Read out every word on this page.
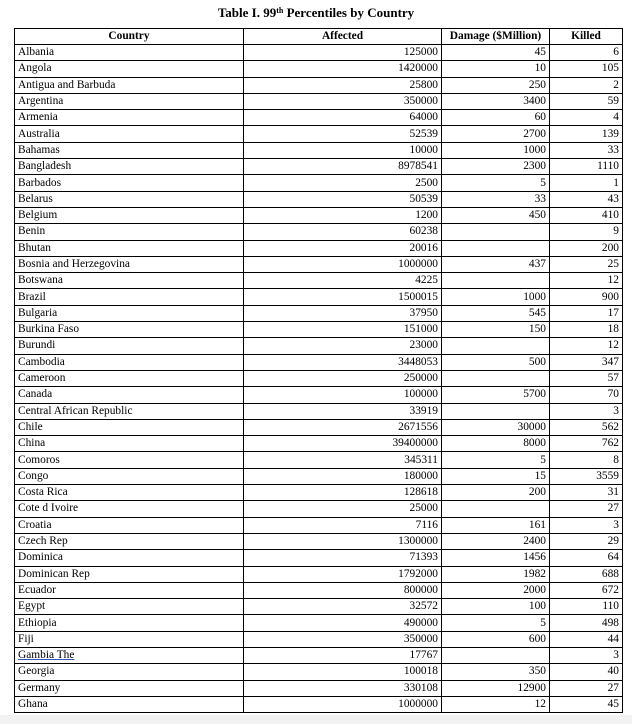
Table I. 99th Percentiles by Country
Country	Affected	Damage ($Million)	Killed
Albania	125000	45	6
Angola	1420000	10	105
Antigua and Barbuda	25800	250	2
Argentina	350000	3400	59
Armenia	64000	60	4
Australia	52539	2700	139
Bahamas	10000	1000	33
Bangladesh	8978541	2300	1110
Barbados	2500	5	1
Belarus	50539	33	43
Belgium	1200	450	410
Benin	60238		9
Bhutan	20016		200
Bosnia and Herzegovina	1000000	437	25
Botswana	4225		12
Brazil	1500015	1000	900
Bulgaria	37950	545	17
Burkina Faso	151000	150	18
Burundi	23000		12
Cambodia	3448053	500	347
Cameroon	250000		57
Canada	100000	5700	70
Central African Republic	33919		3
Chile	2671556	30000	562
China	39400000	8000	762
Comoros	345311	5	8
Congo	180000	15	3559
Costa Rica	128618	200	31
Cote d Ivoire	25000		27
Croatia	7116	161	3
Czech Rep	1300000	2400	29
Dominica	71393	1456	64
Dominican Rep	1792000	1982	688
Ecuador	800000	2000	672
Egypt	32572	100	110
Ethiopia	490000	5	498
Fiji	350000	600	44
Gambia The	17767		3
Georgia	100018	350	40
Germany	330108	12900	27
Ghana	1000000	12	45
